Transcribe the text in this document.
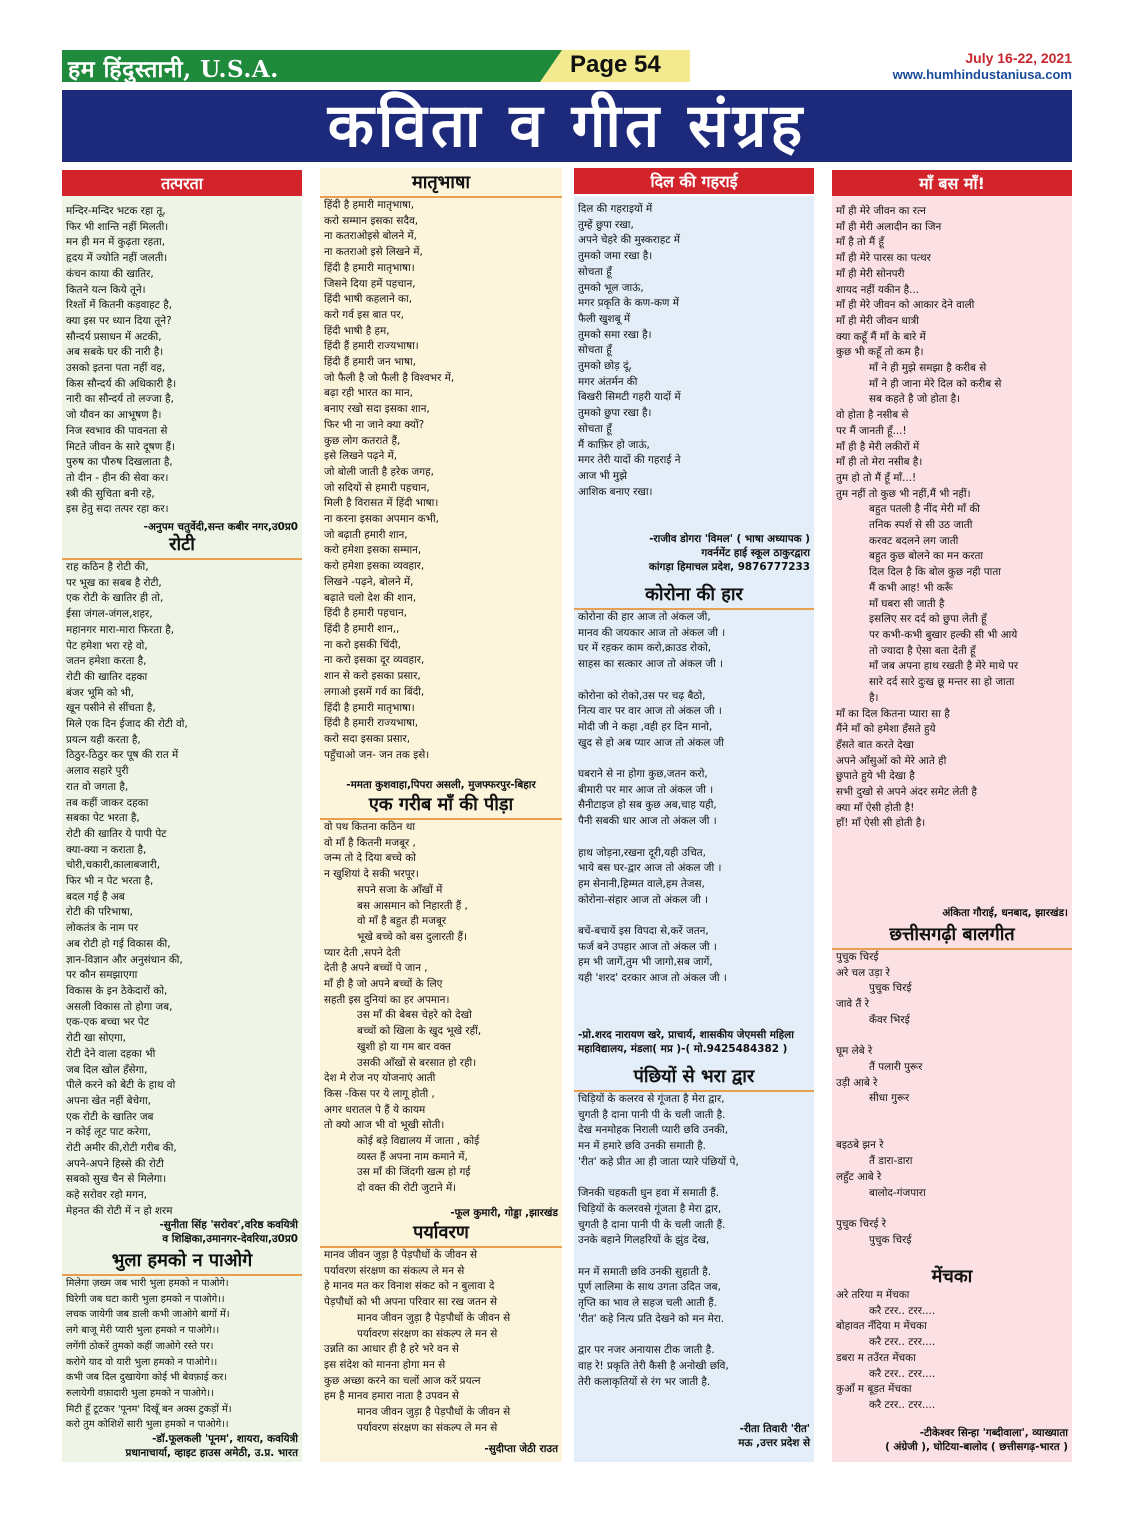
हम हिंदुस्तानी, U.S.A.	Page 54	July 16-22, 2021
www.humhindustaniusa.com
कविता व गीत संग्रह
तत्परता
मन्दिर-मन्दिर भटक रहा तू,
फिर भी शान्ति नहीं मिलती।
मन ही मन में कुढ़ता रहता,
हृदय में ज्योति नहीं जलती।
कंचन काया की खातिर,
कितने यत्न किये तूने।
रिश्तों में कितनी कड़वाहट है,
क्या इस पर ध्यान दिया तूने?
सौन्दर्य प्रसाधन में अटकी,
अब सबके घर की नारी है।
उसको इतना पता नहीं वह,
किस सौन्दर्य की अधिकारी है।
नारी का सौन्दर्य तो लज्जा है,
जो यौवन का आभूषण है।
निज स्वभाव की पावनता से
मिटते जीवन के सारे दूषण हैं।
पुरुष का पौरुष दिखलाता है,
तो दीन - हीन की सेवा कर।
स्त्री की सुचिता बनी रहे,
इस हेतु सदा तत्पर रहा कर।
-अनुपम चतुर्वेदी,सन्त कबीर नगर,उ0प्र0
रोटी
राह कठिन है रोटी की,
पर भूख का सबब है रोटी,
एक रोटी के खातिर ही तो,
ईसा जंगल-जंगल,शहर,
महानगर मारा-मारा फिरता है,
पेट हमेशा भरा रहे वो,
जतन हमेशा करता है,
रोटी की खातिर दहका
बंजर भूमि को भी,
खून पसीने से सींचता है,
मिले एक दिन ईजाद की रोटी वो,
प्रयत्न यही करता है,
ठिठुर-ठिठुर कर पूष की रात में
अलाव सहारे पुरी
रात वो जगता है,
तब कहीं जाकर दहका
सबका पेट भरता है,
रोटी की खातिर ये पापी पेट
क्या-क्या न कराता है,
चोरी,चकारी,कालाबजारी,
फिर भी न पेट भरता है,
बदल गई है अब
रोटी की परिभाषा,
लोकतंत्र के नाम पर
अब रोटी हो गई विकास की,
ज्ञान-विज्ञान और अनुसंधान की,
पर कौन समझाएगा
विकास के इन ठेकेदारों को,
असली विकास तो होगा जब,
एक-एक बच्चा भर पेट
रोटी खा सोएगा,
रोटी देने वाला दहका भी
जब दिल खोल हँसेगा,
पीले करने को बेटी के हाथ वो
अपना खेत नहीं बेचेगा,
एक रोटी के खातिर जब
न कोई लूट पाट करेगा,
रोटी अमीर की,रोटी गरीब की,
अपने-अपने हिस्से की रोटी
सबको सुख चैन से मिलेगा।
कहे सरोवर रहो मगन,
मेहनत की रोटी में न हो शरम
-सुनीता सिंह 'सरोवर',वरिष्ठ कवयित्री
व शिक्षिका,उमानगर-देवरिया,उ0प्र0
भुला हमको न पाओगे
मिलेगा ज़ख्म जब भारी भुला हमको न पाओगे।
घिरेगी जब घटा कारी भुला हमको न पाओगे।।
लचक जायेगी जब डाली कभी जाओगे बागों में।
लगे बाजू मेरी प्यारी भुला हमको न पाओगे।।
लगेंगी ठोकरें तुमको कहीं जाओगे रस्ते पर।
करोगे याद वो यारी भुला हमको न पाओगे।।
कभी जब दिल दुखायेगा कोई भी बेवफ़ाई कर।
रुलायेगी वफ़ादारी भुला हमको न पाओगे।।
मिटी हूँ टूटकर 'पूनम' दिखूँ बन अक्स टुकड़ों में।
करो तुम कोशिशें सारी भुला हमको न पाओगे।।
-डॉ.फूलकली 'पूनम', शायरा, कवयित्री
प्रधानाचार्या, व्हाइट हाउस अमेठी, उ.प्र. भारत
मातृभाषा
हिंदी है हमारी मातृभाषा,
करो सम्मान इसका सदैव,
ना कतराओइसे बोलने में,
ना कतराओ इसे लिखने में,
हिंदी है हमारी मातृभाषा।
जिसने दिया हमें पहचान,
हिंदी भाषी कहलाने का,
करो गर्व इस बात पर,
हिंदी भाषी है हम,
हिंदी हैं हमारी राज्यभाषा।
हिंदी हैं हमारी जन भाषा,
जो फैली है जो फैली है विश्वभर में,
बढ़ा रही भारत का मान,
बनाए रखो सदा इसका शान,
फिर भी ना जाने क्या क्यों?
कुछ लोग कतराते हैं,
इसे लिखने पढ़ने में,
जो बोली जाती है हरेक जगह,
जो सदियों से हमारी पहचान,
मिली है विरासत में हिंदी भाषा।
ना करना इसका अपमान कभी,
जो बढ़ाती हमारी शान,
करो हमेशा इसका सम्मान,
करो हमेशा इसका व्यवहार,
लिखने -पढ़ने, बोलने में,
बढ़ाते चलो देश की शान,
हिंदी है हमारी पहचान,
हिंदी है हमारी शान,,
ना करो इसकी चिंदी,
ना करो इसका दूर व्यवहार,
शान से करो इसका प्रसार,
लगाओ इसमें गर्व का बिंदी,
हिंदी है हमारी मातृभाषा।
हिंदी है हमारी राज्यभाषा,
करो सदा इसका प्रसार,
पहुँचाओ जन- जन तक इसे।
-ममता कुशवाहा,पिपरा असली, मुजफ्फरपुर-बिहार
एक गरीब माँ की पीड़ा
वो पथ कितना कठिन था
वो माँ है कितनी मजबूर ,
जन्म तो दे दिया बच्चे को
न खुशियां दे सकी भरपूर।
सपने सजा के आँखों में
बस आसमान को निहारती हैं ,
वो माँ है बहुत ही मजबूर
भूखे बच्चे को बस दुलारती हैं।
प्यार देती ,सपने देती
देती है अपने बच्चों पे जान ,
माँ ही है जो अपने बच्चों के लिए
सहती इस दुनियां का हर अपमान।
उस माँ की बेबस चेहरे को देखो
बच्चों को खिला के खुद भूखे रहीं,
खुशी हो या गम बार वक्त
उसकी आँखों से बरसात हो रही।
देश मे रोज नए योजनाएं आती
किस -किस पर ये लागू होती ,
अगर धरातल पे हैं ये कायम
तो क्यो आज भी वो भूखी सोती।
कोई बड़े विद्यालय में जाता , कोई
व्यस्त हैं अपना नाम कमाने में,
उस माँ की जिंदगी खत्म हो गई
दो वक्त की रोटी जुटाने में।
-फूल कुमारी, गोड्डा ,झारखंड
पर्यावरण
मानव जीवन जुड़ा है पेड़पौधों के जीवन से
पर्यावरण संरक्षण का संकल्प ले मन से
हे मानव मत कर विनाश संकट को न बुलावा दे
पेड़पौधों को भी अपना परिवार सा रख जतन से
मानव जीवन जुड़ा है पेड़पौधों के जीवन से
पर्यावरण संरक्षण का संकल्प ले मन से
उन्नति का आधार ही है हरे भरे वन से
इस संदेश को मानना होगा मन से
कुछ अच्छा करने का चलों आज करें प्रयत्न
हम है मानव हमारा नाता है उपवन से
मानव जीवन जुड़ा है पेड़पौधों के जीवन से
पर्यावरण संरक्षण का संकल्प ले मन से
-सुदीप्ता जेठी राउत
दिल की गहराई
दिल की गहराइयों में
तुम्हें छुपा रखा,
अपने चेहरे की मुस्कराहट में
तुमको जमा रखा है।
सोचता हूँ
तुमको भूल जाऊं,
मगर प्रकृति के कण-कण में
फैली खुशबू में
तुमको समा रखा है।
सोचता हूँ
तुमको छोड़ दूं,
मगर अंतर्मन की
बिखरी सिमटी गहरी यादों में
तुमको छुपा रखा है।
सोचता हूँ
मैं काफ़िर हो जाऊं,
मगर तेरी यादों की गहराई ने
आज भी मुझे
आशिक बनाए रखा।
-राजीव डोगरा 'विमल' ( भाषा अध्यापक )
गवर्नमेंट हाई स्कूल ठाकुरद्वारा
कांगड़ा हिमाचल प्रदेश, 9876777233
कोरोना की हार
कोरोना की हार आज तो अंकल जी,
मानव की जयकार आज तो अंकल जी ।
घर में रहकर काम करो,क्राउड रोको,
साहस का सत्कार आज तो अंकल जी ।

कोरोना को रोको,उस पर चढ़ बैठो,
नित्य वार पर वार आज तो अंकल जी ।
मोदी जी ने कहा ,वही हर दिन मानो,
खुद से हो अब प्यार आज तो अंकल जी

घबराने से ना होगा कुछ,जतन करो,
बीमारी पर मार आज तो अंकल जी ।
सैनीटाइज हो सब कुछ अब,चाह यही,
पैनी सबकी धार आज तो अंकल जी ।

हाथ जोड़ना,रखना दूरी,यही उचित,
भाये बस घर-द्वार आज तो अंकल जी ।
हम सेनानी,हिम्मत वाले,हम तेजस,
कोरोना-संहार आज तो अंकल जी ।

बचें-बचायें इस विपदा से,करें जतन,
फर्ज बने उपहार आज तो अंकल जी ।
हम भी जागें,तुम भी जागो,सब जागें,
यही 'शरद' दरकार आज तो अंकल जी ।
-प्रो.शरद नारायण खरे, प्राचार्य, शासकीय जेएमसी महिला
महाविद्यालय, मंडला( मप्र )-( मो.9425484382 )
पंछियों से भरा द्वार
चिड़ियों के कलरव से गूंजता है मेरा द्वार,
चुगती है दाना पानी पी के चली जाती है.
देख मनमोहक निराली प्यारी छवि उनकी,
मन में हमारे छवि उनकी समाती है.
'रीत' कहे प्रीत आ ही जाता प्यारे पंछियों पे,

जिनकी चहकती धुन हवा में समाती हैं.
चिड़ियों के कलरवसे गूंजता है मेरा द्वार,
चुगती है दाना पानी पी के चली जाती हैं.
उनके बहाने गिलहरियों के झुंड देख,

मन में समाती छवि उनकी सुहाती है.
पूर्ण लालिमा के साथ उगता उदित जब,
तृप्ति का भाव ले सहज चली आती हैं.
'रीत' कहे नित्य प्रति देखने को मन मेरा.

द्वार पर नजर अनायास टीक जाती है.
वाह रे! प्रकृति तेरी कैसी है अनोखी छवि,
तेरी कलाकृतियों से रंग भर जाती है.
-रीता तिवारी 'रीत'
मऊ ,उत्तर प्रदेश से
माँ बस माँ!
माँ ही मेरे जीवन का रत्न
माँ ही मेरी अलादीन का जिन
माँ है तो मैं हूँ
माँ ही मेरे पारस का पत्थर
माँ ही मेरी सोनपरी
शायद नहीं यकीन है...
माँ ही मेरे जीवन को आकार देने वाली
माँ ही मेरी जीवन धात्री
क्या कहूँ मैं माँ के बारे में
कुछ भी कहूँ तो कम है।
माँ ने ही मुझे समझा है करीब से
माँ ने ही जाना मेरे दिल को करीब से
सब कहते है जो होता है।
वो होता है नसीब से
पर मैं जानती हूँ...!
माँ ही है मेरी लकीरों में
माँ ही तो मेरा नसीब है।
तुम हो तो मैं हूँ माँ...!
तुम नहीं तो कुछ भी नहीं,मैं भी नहीं।
बहुत पतली है नींद मेरी माँ की
तनिक स्पर्श से सी उठ जाती
करवट बदलने लग जाती
बहुत कुछ बोलने का मन करता
दिल दिल है कि बोल कुछ नही पाता
मैं कभी आह! भी करूँ
माँ घबरा सी जाती है
इसलिए सर दर्द को छुपा लेती हूँ
पर कभी-कभी बुखार हल्की सी भी आये
तो ज्यादा है ऐसा बता देती हूँ
माँ जब अपना हाथ रखती है मेरे माथे पर
सारे दर्द सारे दुःख छू मन्तर सा हो जाता
है।
माँ का दिल कितना प्यारा सा है
मैंने माँ को हमेशा हँसते हुये
हँसते बात करते देखा
अपने आँसुओं को मेरे आते ही
छुपाते हुये भी देखा है
सभी दुखो से अपने अंदर समेट लेती है
क्या माँ ऐसी होती है!
हाँ! माँ ऐसी सी होती है।
अंकिता गौराई, धनबाद, झारखंड।
छत्तीसगढ़ी बालगीत
पुचुक चिरई
अरे चल उड़ा रे
पुचुक चिरई
जावे तैं रे
कँवर भिरई

घूम लेबे रे
तैं पलारी पुरूर
उड़ी आबे रे
सीधा गुरूर

बइठबे झन रे
तैं डारा-डारा
लहुँट आबे रे
बालोद-गंजपारा

पुचुक चिरई रे
पुचुक चिरई
मेंचका
अरे तरिया म मेंचका
करै टरर.. टरर....
बोहावत नँदिया म मेंचका
करै टरर.. टरर....
डबरा म तउँरत मेंचका
करै टरर.. टरर....
कुआँ म बूड़त मेंचका
करै टरर.. टरर....
-टीकेश्वर सिन्हा 'गब्दीवाला', व्याख्याता
( अंग्रेजी ), घोटिया-बालोद ( छत्तीसगढ़-भारत )
